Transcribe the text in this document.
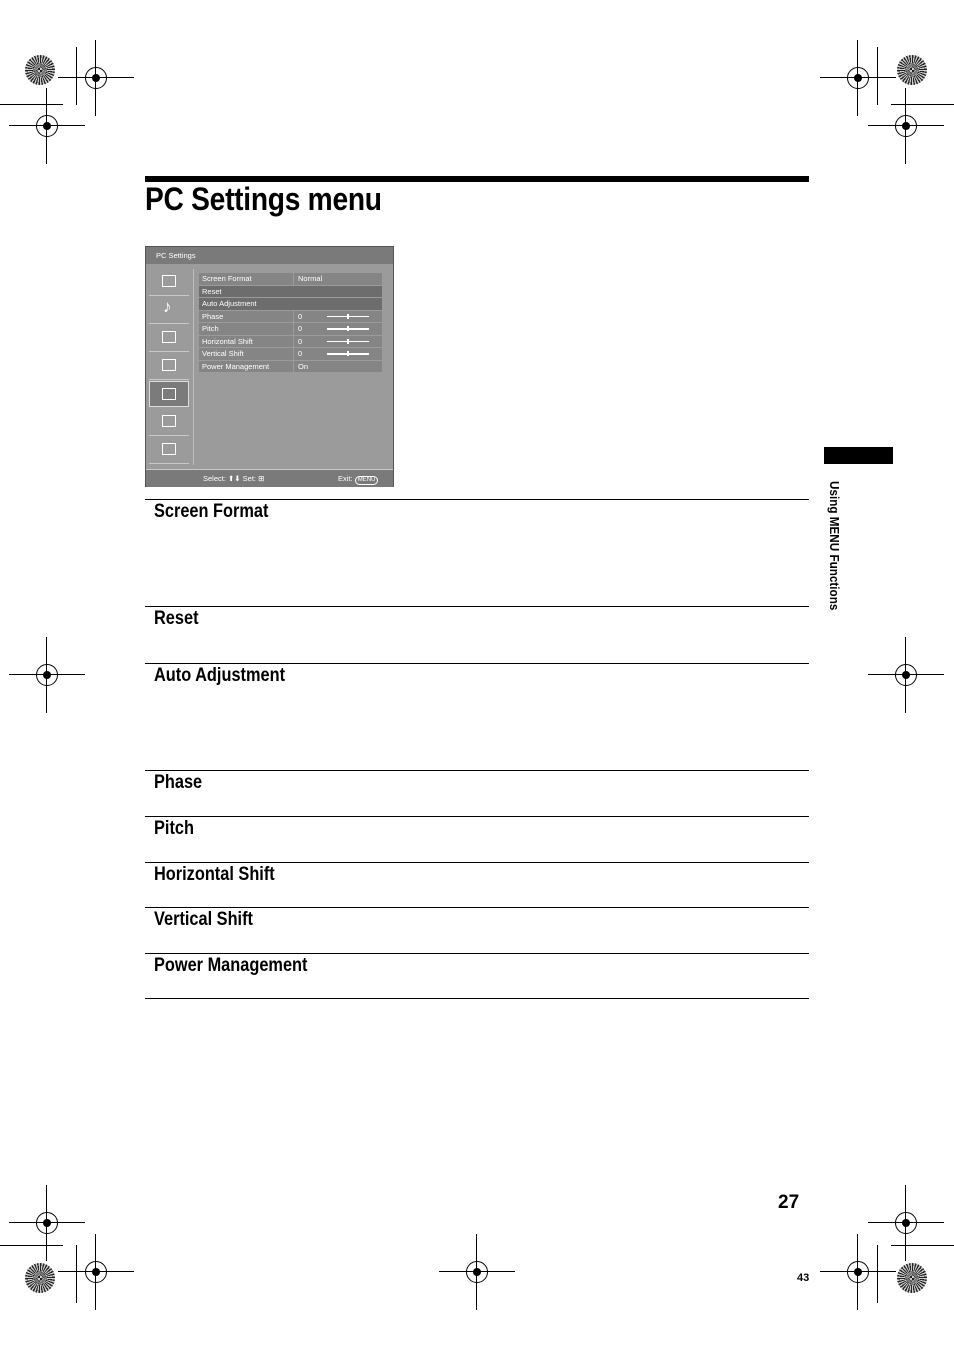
PC Settings menu
PC Settings
♪
Screen Format	Normal
Reset
Auto Adjustment
Phase	0
Pitch	0
Horizontal Shift	0
Vertical Shift	0
Power Management	On
Select: ⬆⬇ Set: ⊞	Exit: MENU
Screen Format
Reset
Auto Adjustment
Phase
Pitch
Horizontal Shift
Vertical Shift
Power Management
Using MENU Functions
27
43
